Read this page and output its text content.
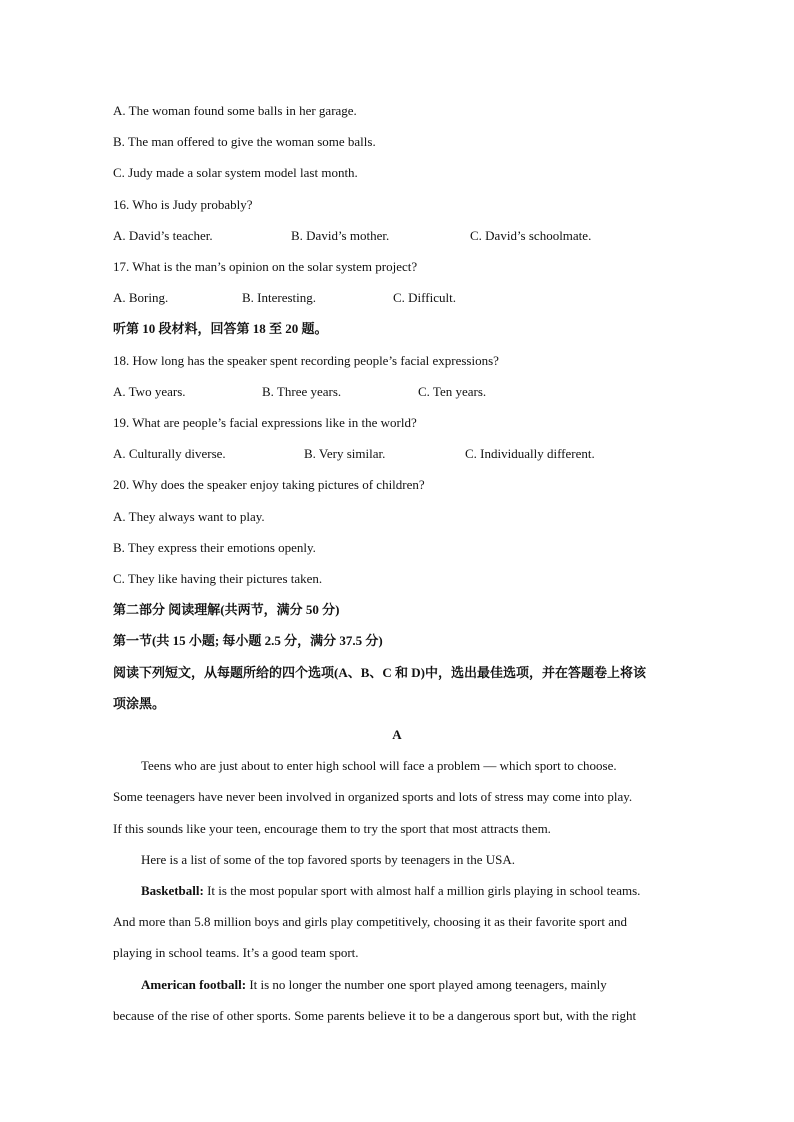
A. The woman found some balls in her garage.
B. The man offered to give the woman some balls.
C. Judy made a solar system model last month.
16. Who is Judy probably?
A. David’s teacher.	B. David’s mother.	C. David’s schoolmate.
17. What is the man’s opinion on the solar system project?
A. Boring.	B. Interesting.	C. Difficult.
听第 10 段材料，回答第 18 至 20 题。
18. How long has the speaker spent recording people’s facial expressions?
A. Two years.	B. Three years.	C. Ten years.
19. What are people’s facial expressions like in the world?
A. Culturally diverse.	B. Very similar.	C. Individually different.
20. Why does the speaker enjoy taking pictures of children?
A. They always want to play.
B. They express their emotions openly.
C. They like having their pictures taken.
第二部分 阅读理解(共两节，满分 50 分)
第一节(共 15 小题; 每小题 2.5 分，满分 37.5 分)
阅读下列短文，从每题所给的四个选项(A、B、C 和 D)中，选出最佳选项，并在答题卷上将该
项涂黑。
A
Teens who are just about to enter high school will face a problem — which sport to choose.
Some teenagers have never been involved in organized sports and lots of stress may come into play.
If this sounds like your teen, encourage them to try the sport that most attracts them.
Here is a list of some of the top favored sports by teenagers in the USA.
Basketball: It is the most popular sport with almost half a million girls playing in school teams.
And more than 5.8 million boys and girls play competitively, choosing it as their favorite sport and
playing in school teams. It’s a good team sport.
American football: It is no longer the number one sport played among teenagers, mainly
because of the rise of other sports. Some parents believe it to be a dangerous sport but, with the right
